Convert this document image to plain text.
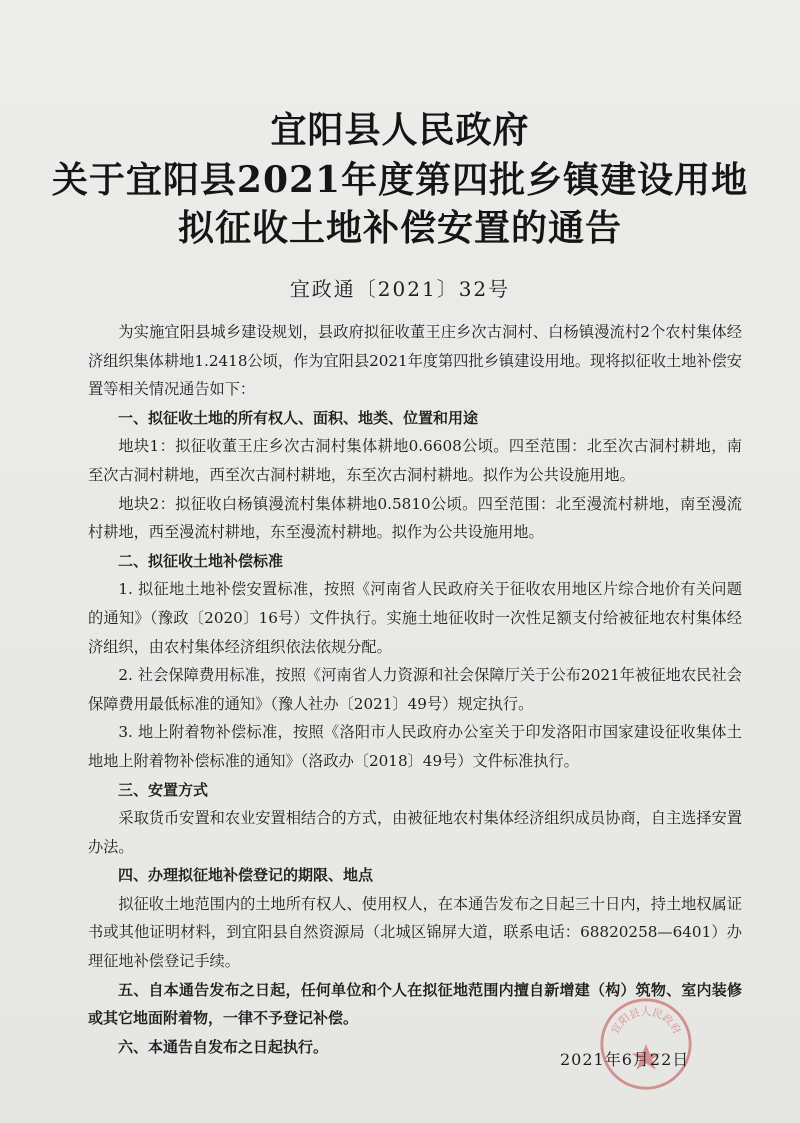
宜阳县人民政府
关于宜阳县2021年度第四批乡镇建设用地
拟征收土地补偿安置的通告
宜政通〔2021〕32号

为实施宜阳县城乡建设规划，县政府拟征收董王庄乡次古洞村、白杨镇漫流村2个农村集体经济组织集体耕地1.2418公顷，作为宜阳县2021年度第四批乡镇建设用地。现将拟征收土地补偿安置等相关情况通告如下：

一、拟征收土地的所有权人、面积、地类、位置和用途

地块1：拟征收董王庄乡次古洞村集体耕地0.6608公顷。四至范围：北至次古洞村耕地，南至次古洞村耕地，西至次古洞村耕地，东至次古洞村耕地。拟作为公共设施用地。

地块2：拟征收白杨镇漫流村集体耕地0.5810公顷。四至范围：北至漫流村耕地，南至漫流村耕地，西至漫流村耕地，东至漫流村耕地。拟作为公共设施用地。

二、拟征收土地补偿标准

1. 拟征地土地补偿安置标准，按照《河南省人民政府关于征收农用地区片综合地价有关问题的通知》（豫政〔2020〕16号）文件执行。实施土地征收时一次性足额支付给被征地农村集体经济组织，由农村集体经济组织依法依规分配。

2. 社会保障费用标准，按照《河南省人力资源和社会保障厅关于公布2021年被征地农民社会保障费用最低标准的通知》（豫人社办〔2021〕49号）规定执行。

3. 地上附着物补偿标准，按照《洛阳市人民政府办公室关于印发洛阳市国家建设征收集体土地地上附着物补偿标准的通知》（洛政办〔2018〕49号）文件标准执行。

三、安置方式

采取货币安置和农业安置相结合的方式，由被征地农村集体经济组织成员协商，自主选择安置办法。

四、办理拟征地补偿登记的期限、地点

拟征收土地范围内的土地所有权人、使用权人，在本通告发布之日起三十日内，持土地权属证书或其他证明材料，到宜阳县自然资源局（北城区锦屏大道，联系电话：68820258—6401）办理征地补偿登记手续。

五、自本通告发布之日起，任何单位和个人在拟征地范围内擅自新增建（构）筑物、室内装修或其它地面附着物，一律不予登记补偿。

六、本通告自发布之日起执行。

宜阳县人民政府
2021年6月22日
